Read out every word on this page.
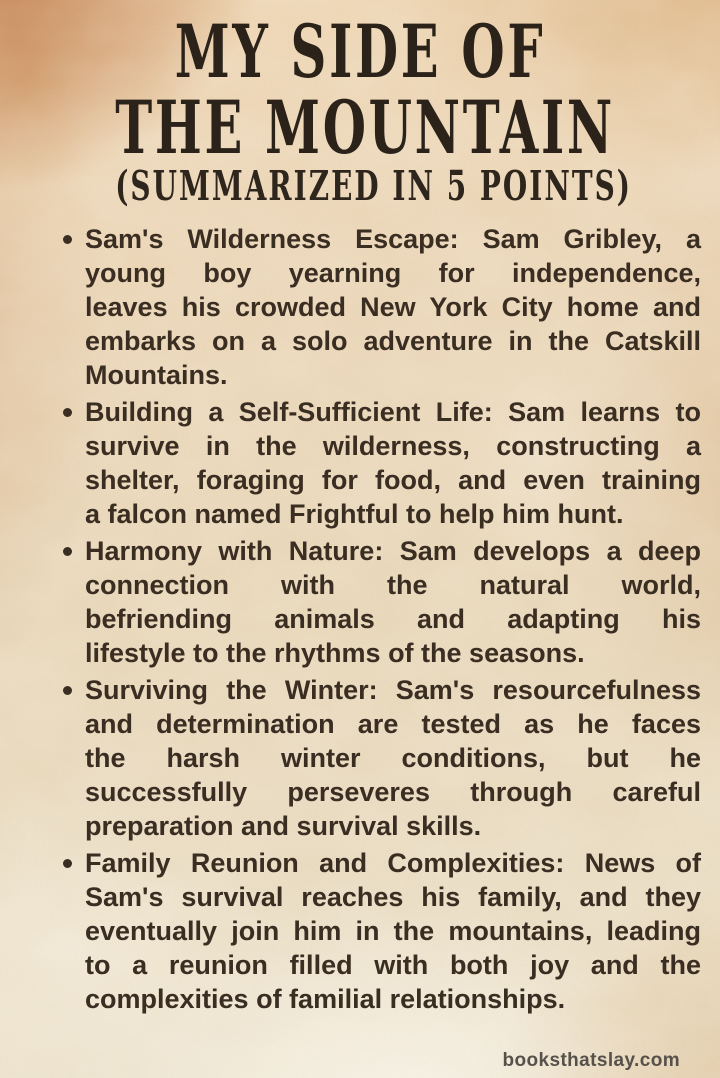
MY SIDE OF
THE MOUNTAIN
(SUMMARIZED IN 5 POINTS)
Sam's Wilderness Escape: Sam Gribley, a
young boy yearning for independence,
leaves his crowded New York City home and
embarks on a solo adventure in the Catskill
Mountains.
Building a Self-Sufficient Life: Sam learns to
survive in the wilderness, constructing a
shelter, foraging for food, and even training
a falcon named Frightful to help him hunt.
Harmony with Nature: Sam develops a deep
connection with the natural world,
befriending animals and adapting his
lifestyle to the rhythms of the seasons.
Surviving the Winter: Sam's resourcefulness
and determination are tested as he faces
the harsh winter conditions, but he
successfully perseveres through careful
preparation and survival skills.
Family Reunion and Complexities: News of
Sam's survival reaches his family, and they
eventually join him in the mountains, leading
to a reunion filled with both joy and the
complexities of familial relationships.
booksthatslay.com
